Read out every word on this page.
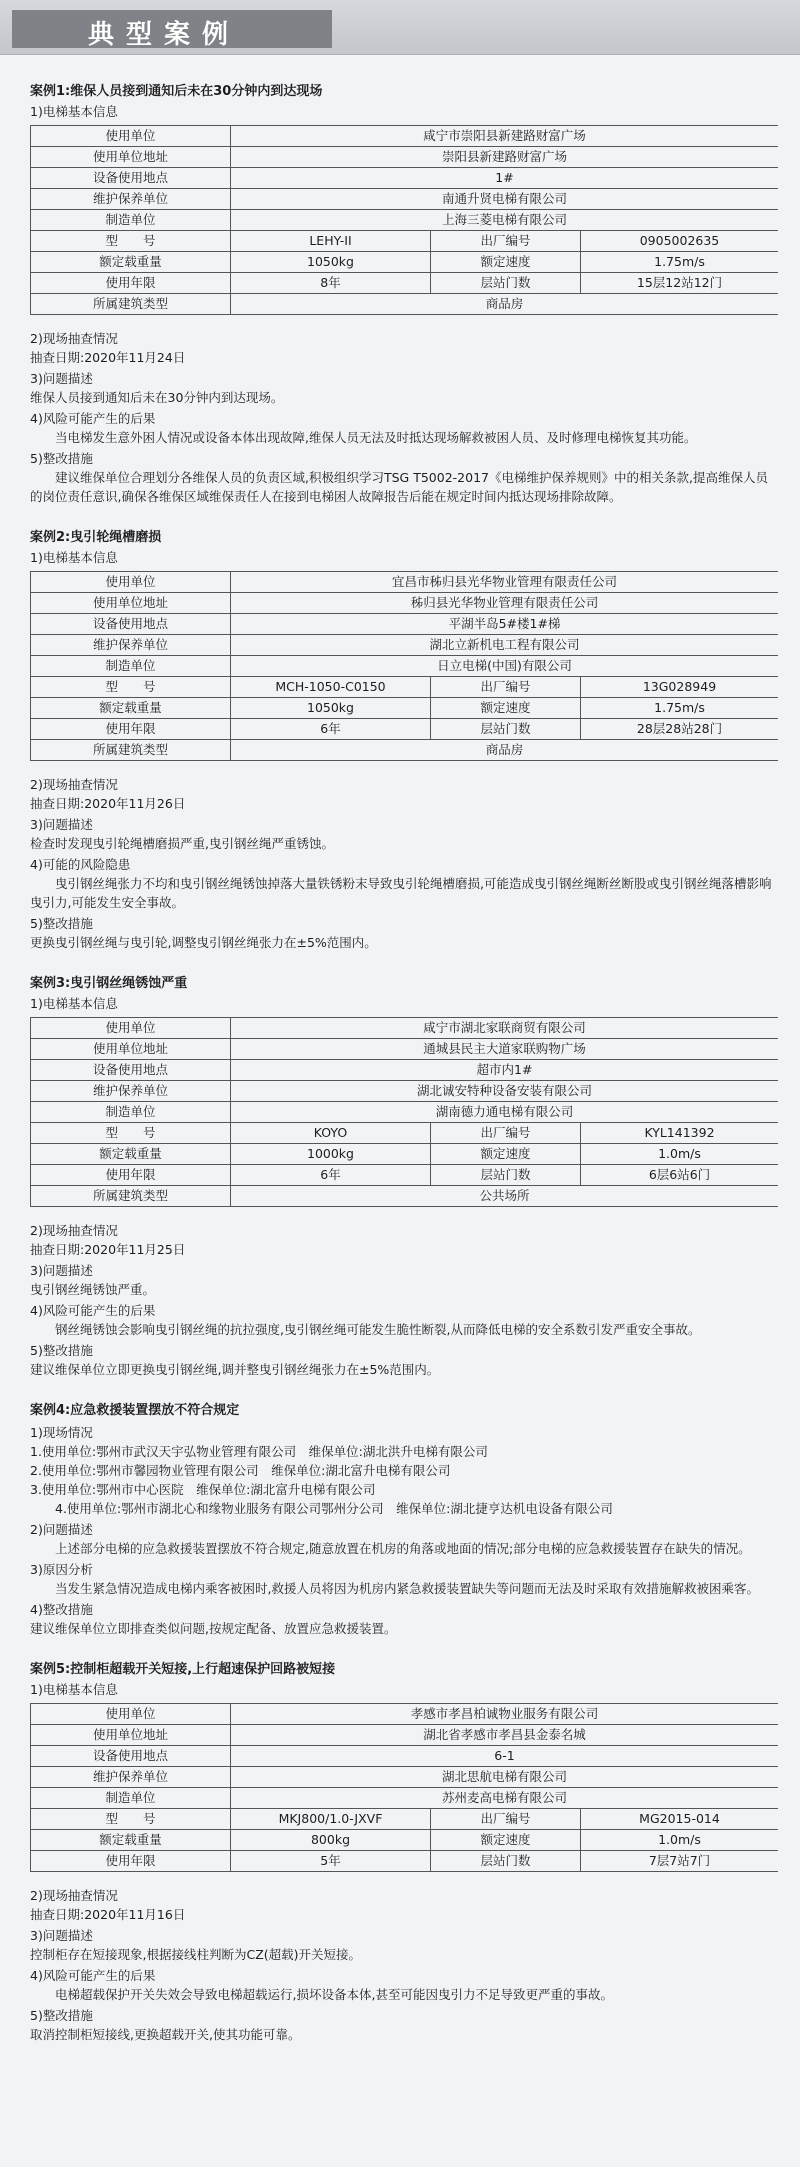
典型案例
案例1:维保人员接到通知后未在30分钟内到达现场
1)电梯基本信息
使用单位	咸宁市崇阳县新建路财富广场		
使用单位地址	崇阳县新建路财富广场		
设备使用地点	1#		
维护保养单位	南通升贤电梯有限公司		
制造单位	上海三菱电梯有限公司		
型　　号	LEHY-II	出厂编号	0905002635
额定载重量	1050kg	额定速度	1.75m/s
使用年限	8年	层站门数	15层12站12门
所属建筑类型	商品房		
2)现场抽查情况
抽查日期:2020年11月24日
3)问题描述
维保人员接到通知后未在30分钟内到达现场。
4)风险可能产生的后果
当电梯发生意外困人情况或设备本体出现故障,维保人员无法及时抵达现场解救被困人员、及时修理电梯恢复其功能。
5)整改措施
建议维保单位合理划分各维保人员的负责区域,积极组织学习TSG T5002-2017《电梯维护保养规则》中的相关条款,提高维保人员的岗位责任意识,确保各维保区域维保责任人在接到电梯困人故障报告后能在规定时间内抵达现场排除故障。
案例2:曳引轮绳槽磨损
1)电梯基本信息
使用单位	宜昌市秭归县光华物业管理有限责任公司		
使用单位地址	秭归县光华物业管理有限责任公司		
设备使用地点	平湖半岛5#楼1#梯		
维护保养单位	湖北立新机电工程有限公司		
制造单位	日立电梯(中国)有限公司		
型　　号	MCH-1050-C0150	出厂编号	13G028949
额定载重量	1050kg	额定速度	1.75m/s
使用年限	6年	层站门数	28层28站28门
所属建筑类型	商品房		
2)现场抽查情况
抽查日期:2020年11月26日
3)问题描述
检查时发现曳引轮绳槽磨损严重,曳引钢丝绳严重锈蚀。
4)可能的风险隐患
曳引钢丝绳张力不均和曳引钢丝绳锈蚀掉落大量铁锈粉末导致曳引轮绳槽磨损,可能造成曳引钢丝绳断丝断股或曳引钢丝绳落槽影响曳引力,可能发生安全事故。
5)整改措施
更换曳引钢丝绳与曳引轮,调整曳引钢丝绳张力在±5%范围内。
案例3:曳引钢丝绳锈蚀严重
1)电梯基本信息
使用单位	咸宁市湖北家联商贸有限公司		
使用单位地址	通城县民主大道家联购物广场		
设备使用地点	超市内1#		
维护保养单位	湖北诚安特种设备安装有限公司		
制造单位	湖南德力通电梯有限公司		
型　　号	KOYO	出厂编号	KYL141392
额定载重量	1000kg	额定速度	1.0m/s
使用年限	6年	层站门数	6层6站6门
所属建筑类型	公共场所		
2)现场抽查情况
抽查日期:2020年11月25日
3)问题描述
曳引钢丝绳锈蚀严重。
4)风险可能产生的后果
钢丝绳锈蚀会影响曳引钢丝绳的抗拉强度,曳引钢丝绳可能发生脆性断裂,从而降低电梯的安全系数引发严重安全事故。
5)整改措施
建议维保单位立即更换曳引钢丝绳,调并整曳引钢丝绳张力在±5%范围内。
案例4:应急救援装置摆放不符合规定
1)现场情况
1.使用单位:鄂州市武汉天宇弘物业管理有限公司　维保单位:湖北洪升电梯有限公司
2.使用单位:鄂州市馨园物业管理有限公司　维保单位:湖北富升电梯有限公司
3.使用单位:鄂州市中心医院　维保单位:湖北富升电梯有限公司
4.使用单位:鄂州市湖北心和缘物业服务有限公司鄂州分公司　维保单位:湖北捷亨达机电设备有限公司
2)问题描述
上述部分电梯的应急救援装置摆放不符合规定,随意放置在机房的角落或地面的情况;部分电梯的应急救援装置存在缺失的情况。
3)原因分析
当发生紧急情况造成电梯内乘客被困时,救援人员将因为机房内紧急救援装置缺失等问题而无法及时采取有效措施解救被困乘客。
4)整改措施
建议维保单位立即排查类似问题,按规定配备、放置应急救援装置。
案例5:控制柜超载开关短接,上行超速保护回路被短接
1)电梯基本信息
使用单位	孝感市孝昌柏诚物业服务有限公司		
使用单位地址	湖北省孝感市孝昌县金泰名城		
设备使用地点	6-1		
维护保养单位	湖北思航电梯有限公司		
制造单位	苏州麦高电梯有限公司		
型　　号	MKJ800/1.0-JXVF	出厂编号	MG2015-014
额定载重量	800kg	额定速度	1.0m/s
使用年限	5年	层站门数	7层7站7门
2)现场抽查情况
抽查日期:2020年11月16日
3)问题描述
控制柜存在短接现象,根据接线柱判断为CZ(超载)开关短接。
4)风险可能产生的后果
电梯超载保护开关失效会导致电梯超载运行,损坏设备本体,甚至可能因曳引力不足导致更严重的事故。
5)整改措施
取消控制柜短接线,更换超载开关,使其功能可靠。
